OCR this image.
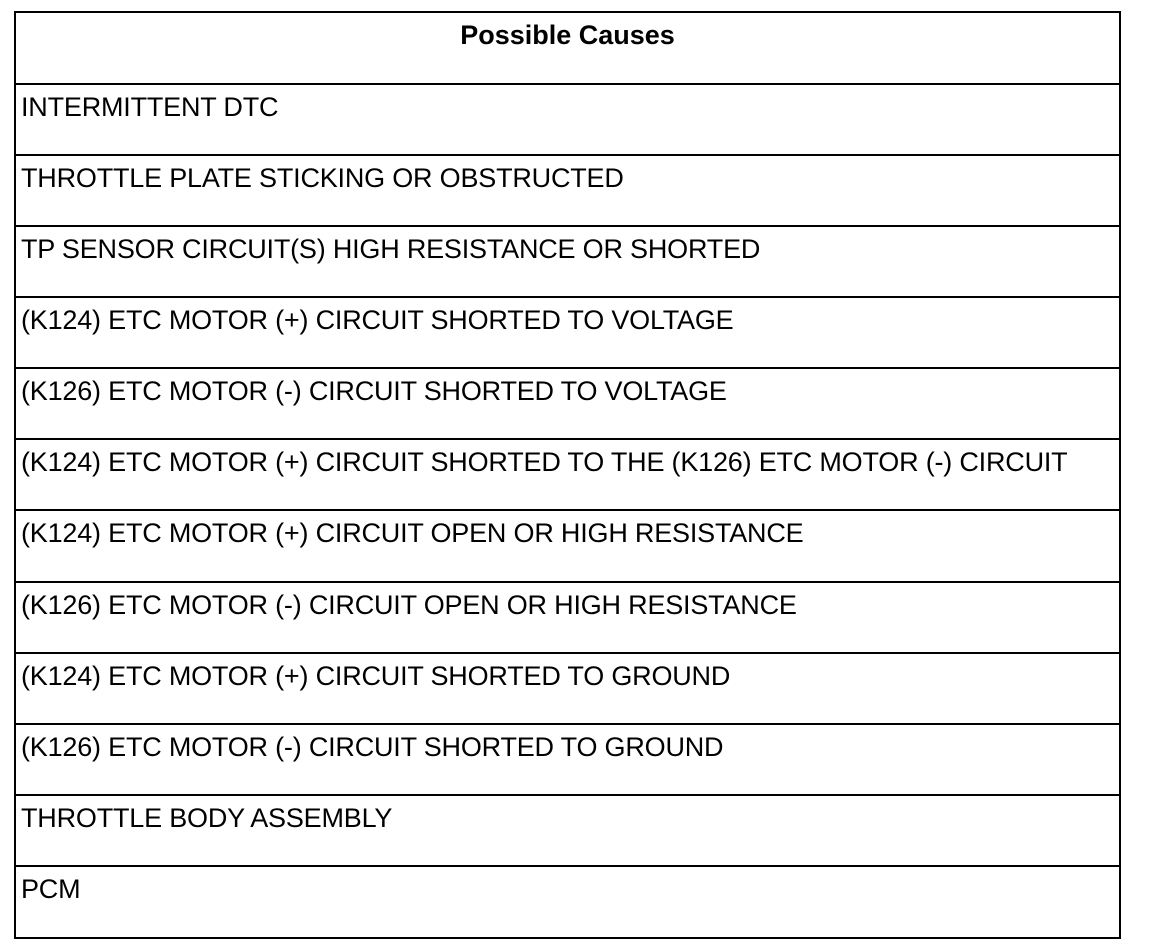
Possible Causes
INTERMITTENT DTC
THROTTLE PLATE STICKING OR OBSTRUCTED
TP SENSOR CIRCUIT(S) HIGH RESISTANCE OR SHORTED
(K124) ETC MOTOR (+) CIRCUIT SHORTED TO VOLTAGE
(K126) ETC MOTOR (-) CIRCUIT SHORTED TO VOLTAGE
(K124) ETC MOTOR (+) CIRCUIT SHORTED TO THE (K126) ETC MOTOR (-) CIRCUIT
(K124) ETC MOTOR (+) CIRCUIT OPEN OR HIGH RESISTANCE
(K126) ETC MOTOR (-) CIRCUIT OPEN OR HIGH RESISTANCE
(K124) ETC MOTOR (+) CIRCUIT SHORTED TO GROUND
(K126) ETC MOTOR (-) CIRCUIT SHORTED TO GROUND
THROTTLE BODY ASSEMBLY
PCM
